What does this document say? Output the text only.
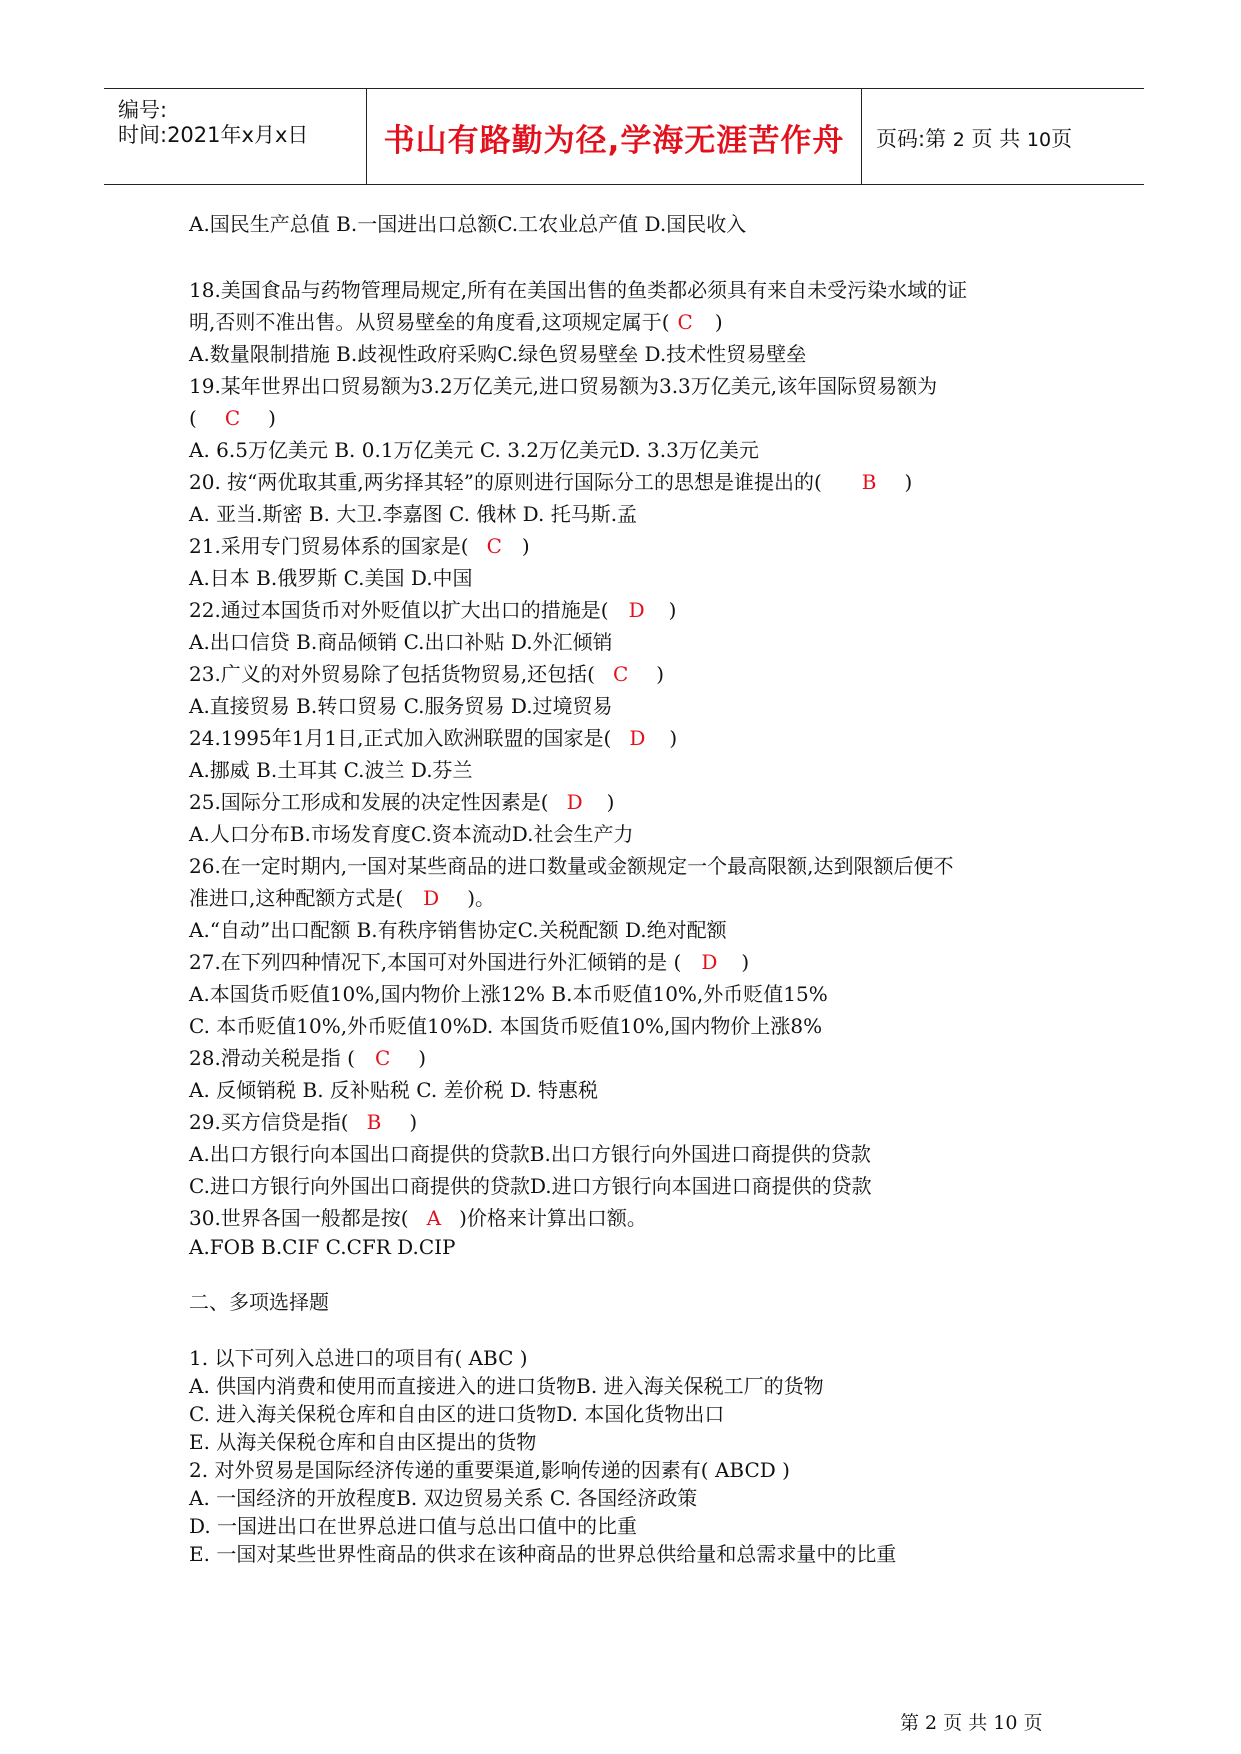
编号:
时间:2021年x月x日	书山有路勤为径,学海无涯苦作舟	页码:第 2 页 共 10页
A.国民生产总值 B.一国进出口总额C.工农业总产值 D.国民收入
18.美国食品与药物管理局规定,所有在美国出售的鱼类都必须具有来自未受污染水域的证
明,否则不准出售。从贸易壁垒的角度看,这项规定属于( C )
A.数量限制措施 B.歧视性政府采购C.绿色贸易壁垒 D.技术性贸易壁垒
19.某年世界出口贸易额为3.2万亿美元,进口贸易额为3.3万亿美元,该年国际贸易额为
( C )
A. 6.5万亿美元 B. 0.1万亿美元 C. 3.2万亿美元D. 3.3万亿美元
20. 按“两优取其重,两劣择其轻”的原则进行国际分工的思想是谁提出的( B )
A. 亚当.斯密 B. 大卫.李嘉图 C. 俄林 D. 托马斯.孟
21.采用专门贸易体系的国家是( C )
A.日本 B.俄罗斯 C.美国 D.中国
22.通过本国货币对外贬值以扩大出口的措施是( D )
A.出口信贷 B.商品倾销 C.出口补贴 D.外汇倾销
23.广义的对外贸易除了包括货物贸易,还包括( C )
A.直接贸易 B.转口贸易 C.服务贸易 D.过境贸易
24.1995年1月1日,正式加入欧洲联盟的国家是( D )
A.挪威 B.土耳其 C.波兰 D.芬兰
25.国际分工形成和发展的决定性因素是( D )
A.人口分布B.市场发育度C.资本流动D.社会生产力
26.在一定时期内,一国对某些商品的进口数量或金额规定一个最高限额,达到限额后便不
准进口,这种配额方式是( D )。
A.“自动”出口配额 B.有秩序销售协定C.关税配额 D.绝对配额
27.在下列四种情况下,本国可对外国进行外汇倾销的是 ( D )
A.本国货币贬值10%,国内物价上涨12% B.本币贬值10%,外币贬值15%
C. 本币贬值10%,外币贬值10%D. 本国货币贬值10%,国内物价上涨8%
28.滑动关税是指 ( C )
A. 反倾销税 B. 反补贴税 C. 差价税 D. 特惠税
29.买方信贷是指( B )
A.出口方银行向本国出口商提供的贷款B.出口方银行向外国进口商提供的贷款
C.进口方银行向外国出口商提供的贷款D.进口方银行向本国进口商提供的贷款
30.世界各国一般都是按( A )价格来计算出口额。
A.FOB B.CIF C.CFR D.CIP
二、多项选择题
1. 以下可列入总进口的项目有( ABC )
A. 供国内消费和使用而直接进入的进口货物B. 进入海关保税工厂的货物
C. 进入海关保税仓库和自由区的进口货物D. 本国化货物出口
E. 从海关保税仓库和自由区提出的货物
2. 对外贸易是国际经济传递的重要渠道,影响传递的因素有( ABCD )
A. 一国经济的开放程度B. 双边贸易关系 C. 各国经济政策
D. 一国进出口在世界总进口值与总出口值中的比重
E. 一国对某些世界性商品的供求在该种商品的世界总供给量和总需求量中的比重
第 2 页 共 10 页
